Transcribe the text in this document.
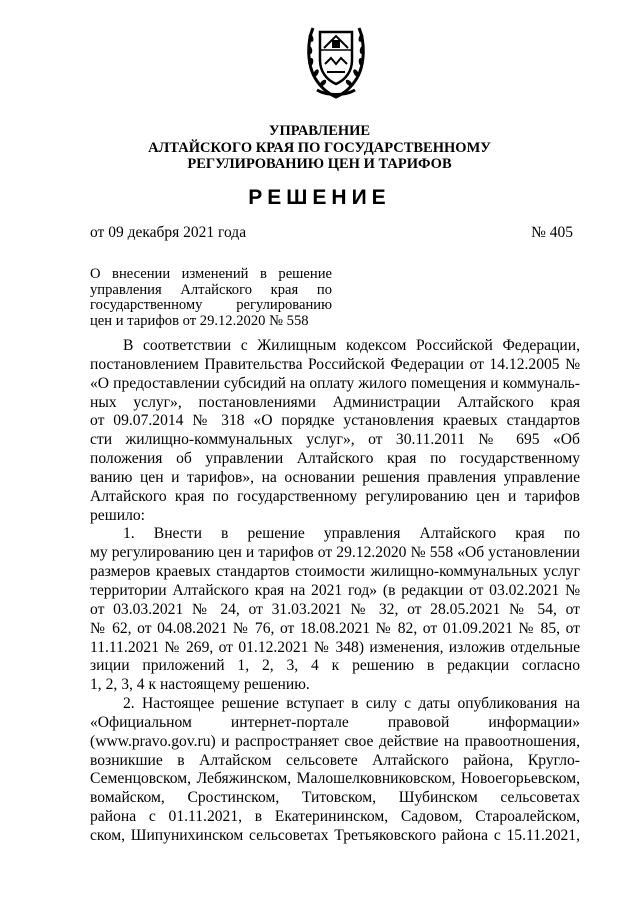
УПРАВЛЕНИЕ
АЛТАЙСКОГО КРАЯ ПО ГОСУДАРСТВЕННОМУ
РЕГУЛИРОВАНИЮ ЦЕН И ТАРИФОВ
РЕШЕНИЕ
от 09 декабря 2021 года	№ 405
О внесении изменений в решение
управления Алтайского края по
государственному регулированию
цен и тарифов от 29.12.2020 № 558
В соответствии с Жилищным кодексом Российской Федерации,
постановлением Правительства Российской Федерации от 14.12.2005 №
«О предоставлении субсидий на оплату жилого помещения и коммуналь-
ных услуг», постановлениями Администрации Алтайского края
от 09.07.2014 № 318 «О порядке установления краевых стандартов
сти жилищно-коммунальных услуг», от 30.11.2011 № 695 «Об
положения об управлении Алтайского края по государственному
ванию цен и тарифов», на основании решения правления управление
Алтайского края по государственному регулированию цен и тарифов
решило:
1. Внести в решение управления Алтайского края по
му регулированию цен и тарифов от 29.12.2020 № 558 «Об установлении
размеров краевых стандартов стоимости жилищно-коммунальных услуг
территории Алтайского края на 2021 год» (в редакции от 03.02.2021 №
от 03.03.2021 № 24, от 31.03.2021 № 32, от 28.05.2021 № 54, от
№ 62, от 04.08.2021 № 76, от 18.08.2021 № 82, от 01.09.2021 № 85, от
11.11.2021 № 269, от 01.12.2021 № 348) изменения, изложив отдельные
зиции приложений 1, 2, 3, 4 к решению в редакции согласно
1, 2, 3, 4 к настоящему решению.
2. Настоящее решение вступает в силу с даты опубликования на
«Официальном интернет-портале правовой информации»
(www.pravo.gov.ru) и распространяет свое действие на правоотношения,
возникшие в Алтайском сельсовете Алтайского района, Кругло-
Семенцовском, Лебяжинском, Малошелковниковском, Новоегорьевском,
вомайском, Сростинском, Титовском, Шубинском сельсоветах
района с 01.11.2021, в Екатерининском, Садовом, Староалейском,
ском, Шипунихинском сельсоветах Третьяковского района с 15.11.2021,
